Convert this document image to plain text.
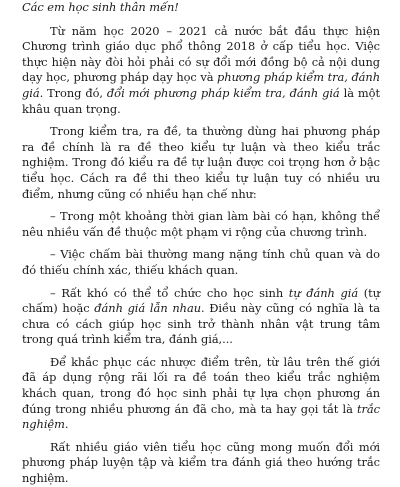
Các em học sinh thân mến!

Từ năm học 2020 – 2021 cả nước bắt đầu thực hiện Chương trình giáo dục phổ thông 2018 ở cấp tiểu học. Việc thực hiện này đòi hỏi phải có sự đổi mới đồng bộ cả nội dung dạy học, phương pháp dạy học và phương pháp kiểm tra, đánh giá. Trong đó, đổi mới phương pháp kiểm tra, đánh giá là một khâu quan trọng.

Trong kiểm tra, ra đề, ta thường dùng hai phương pháp ra đề chính là ra đề theo kiểu tự luận và theo kiểu trắc nghiệm. Trong đó kiểu ra đề tự luận được coi trọng hơn ở bậc tiểu học. Cách ra đề thi theo kiểu tự luận tuy có nhiều ưu điểm, nhưng cũng có nhiều hạn chế như:

– Trong một khoảng thời gian làm bài có hạn, không thể nêu nhiều vấn đề thuộc một phạm vi rộng của chương trình.

– Việc chấm bài thường mang nặng tính chủ quan và do đó thiếu chính xác, thiếu khách quan.

– Rất khó có thể tổ chức cho học sinh tự đánh giá (tự chấm) hoặc đánh giá lẫn nhau. Điều này cũng có nghĩa là ta chưa có cách giúp học sinh trở thành nhân vật trung tâm trong quá trình kiểm tra, đánh giá,...

Để khắc phục các nhược điểm trên, từ lâu trên thế giới đã áp dụng rộng rãi lối ra đề toán theo kiểu trắc nghiệm khách quan, trong đó học sinh phải tự lựa chọn phương án đúng trong nhiều phương án đã cho, mà ta hay gọi tắt là trắc nghiệm.

Rất nhiều giáo viên tiểu học cũng mong muốn đổi mới phương pháp luyện tập và kiểm tra đánh giá theo hướng trắc nghiệm.
